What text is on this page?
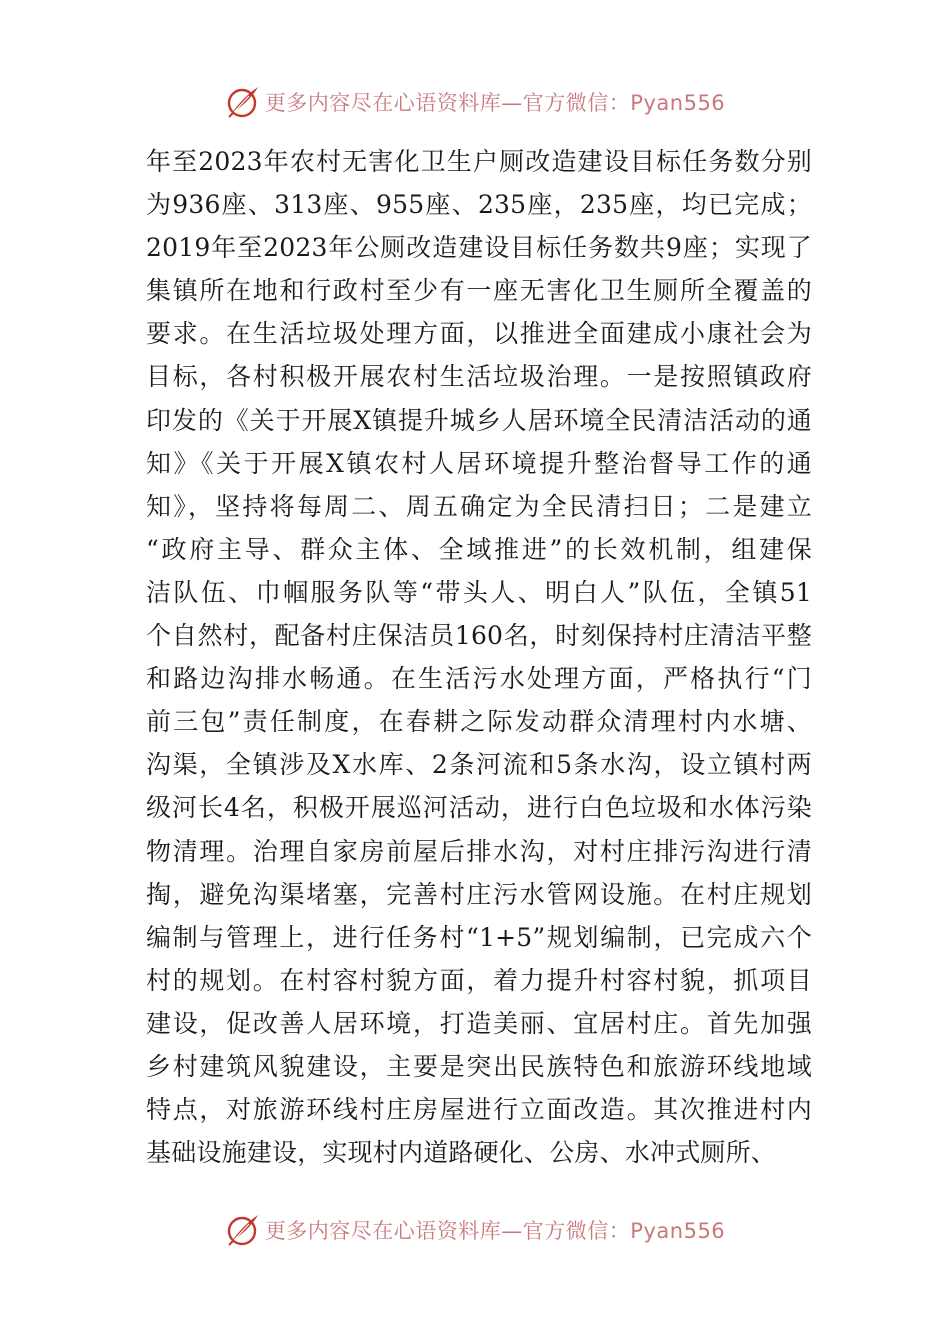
更多内容尽在心语资料库—官方微信：Pyan556
年至2023年农村无害化卫生户厕改造建设目标任务数分别
为936座、313座、955座、235座，235座，均已完成；
2019年至2023年公厕改造建设目标任务数共9座；实现了
集镇所在地和行政村至少有一座无害化卫生厕所全覆盖的
要求。在生活垃圾处理方面，以推进全面建成小康社会为
目标，各村积极开展农村生活垃圾治理。一是按照镇政府
印发的《关于开展X镇提升城乡人居环境全民清洁活动的通
知》《关于开展X镇农村人居环境提升整治督导工作的通
知》，坚持将每周二、周五确定为全民清扫日；二是建立
“政府主导、群众主体、全域推进”的长效机制，组建保
洁队伍、巾帼服务队等“带头人、明白人”队伍，全镇51
个自然村，配备村庄保洁员160名，时刻保持村庄清洁平整
和路边沟排水畅通。在生活污水处理方面，严格执行“门
前三包”责任制度，在春耕之际发动群众清理村内水塘、
沟渠，全镇涉及X水库、2条河流和5条水沟，设立镇村两
级河长4名，积极开展巡河活动，进行白色垃圾和水体污染
物清理。治理自家房前屋后排水沟，对村庄排污沟进行清
掏，避免沟渠堵塞，完善村庄污水管网设施。在村庄规划
编制与管理上，进行任务村“1+5”规划编制，已完成六个
村的规划。在村容村貌方面，着力提升村容村貌，抓项目
建设，促改善人居环境，打造美丽、宜居村庄。首先加强
乡村建筑风貌建设，主要是突出民族特色和旅游环线地域
特点，对旅游环线村庄房屋进行立面改造。其次推进村内
基础设施建设，实现村内道路硬化、公房、水冲式厕所、
更多内容尽在心语资料库—官方微信：Pyan556
